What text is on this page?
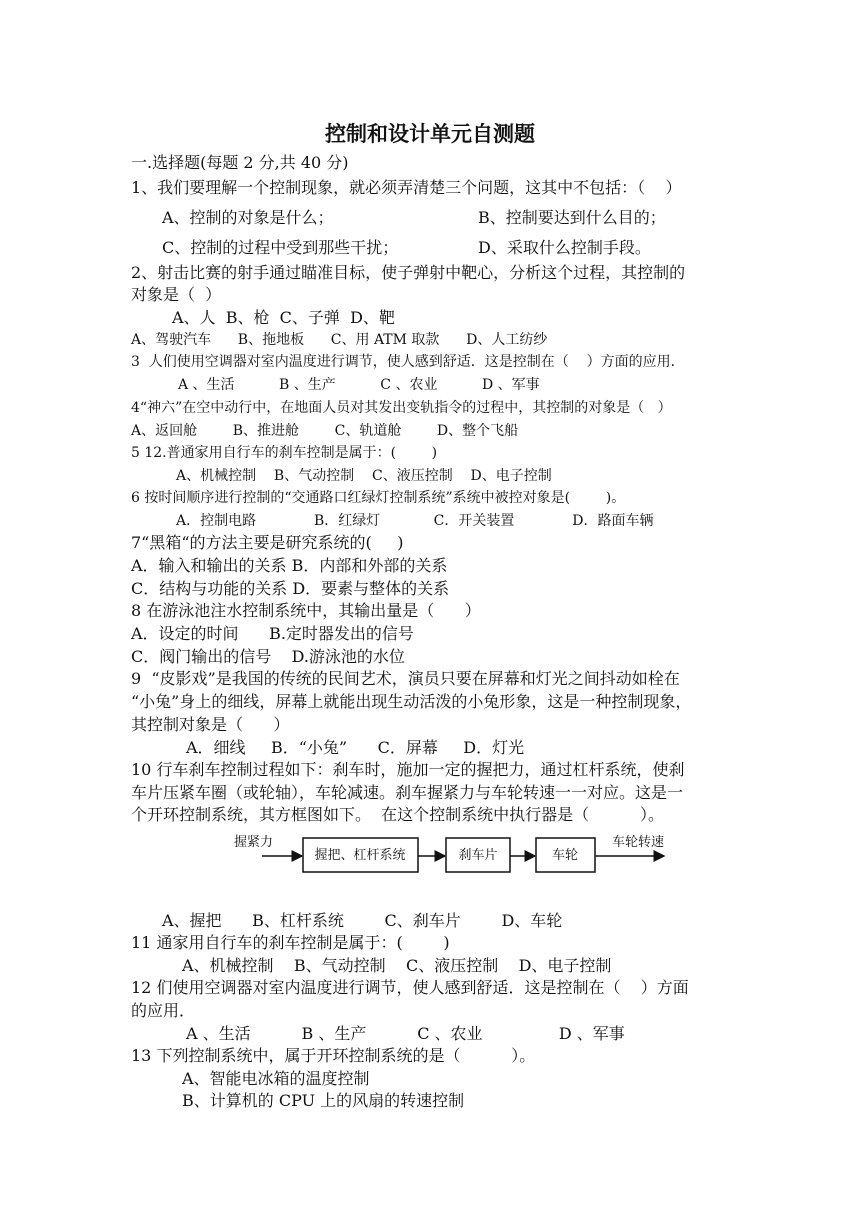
控制和设计单元自测题
一.选择题(每题 2 分,共 40 分)
1、我们要理解一个控制现象，就必须弄清楚三个问题，这其中不包括：（    ）
A、控制的对象是什么；	B、控制要达到什么目的；
C、控制的过程中受到那些干扰；	D、采取什么控制手段。
2、射击比赛的射手通过瞄准目标，使子弹射中靶心，分析这个过程，其控制的
对象是（  ）
A、人  B、枪  C、子弹  D、靶
A、驾驶汽车      B、拖地板      C、用 ATM 取款      D、人工纺纱
3  人们使用空调器对室内温度进行调节，使人感到舒适．这是控制在（    ）方面的应用．
A 、生活          B 、生产          C 、农业          D 、军事
4“神六”在空中动行中，在地面人员对其发出变轨指令的过程中，其控制的对象是（   ）
A、返回舱        B、推进舱        C、轨道舱        D、整个飞船
5 12.普通家用自行车的刹车控制是属于：(        )
A、机械控制    B、气动控制    C、液压控制    D、电子控制
6 按时间顺序进行控制的“交通路口红绿灯控制系统”系统中被控对象是(        )。
A．控制电路             B．红绿灯            C．开关装置             D．路面车辆
7“黑箱“的方法主要是研究系统的(     )
A．输入和输出的关系 B．内部和外部的关系
C．结构与功能的关系 D．要素与整体的关系
8 在游泳池注水控制系统中，其输出量是（      ）
A．设定的时间      B.定时器发出的信号
C．阀门输出的信号    D.游泳池的水位
9  “皮影戏”是我国的传统的民间艺术，演员只要在屏幕和灯光之间抖动如栓在
“小兔”身上的细线，屏幕上就能出现生动活泼的小兔形象，这是一种控制现象，
其控制对象是（      ）
A．细线     B．“小兔”      C．屏幕     D．灯光
10 行车刹车控制过程如下：刹车时，施加一定的握把力，通过杠杆系统，使刹
车片压紧车圈（或轮轴），车轮减速。刹车握紧力与车轮转速一一对应。这是一
个开环控制系统，其方框图如下。  在这个控制系统中执行器是（          ）。
握紧力
握把、杠杆系统	刹车片	车轮
车轮转速
A、握把      B、杠杆系统        C、刹车片        D、车轮
11 通家用自行车的刹车控制是属于：(        )
A、机械控制    B、气动控制    C、液压控制    D、电子控制
12 们使用空调器对室内温度进行调节，使人感到舒适．这是控制在（    ）方面
的应用．
A 、生活          B 、生产          C 、农业               D 、军事
13 下列控制系统中，属于开环控制系统的是（          ）。
A、智能电冰箱的温度控制
B、计算机的 CPU 上的风扇的转速控制
